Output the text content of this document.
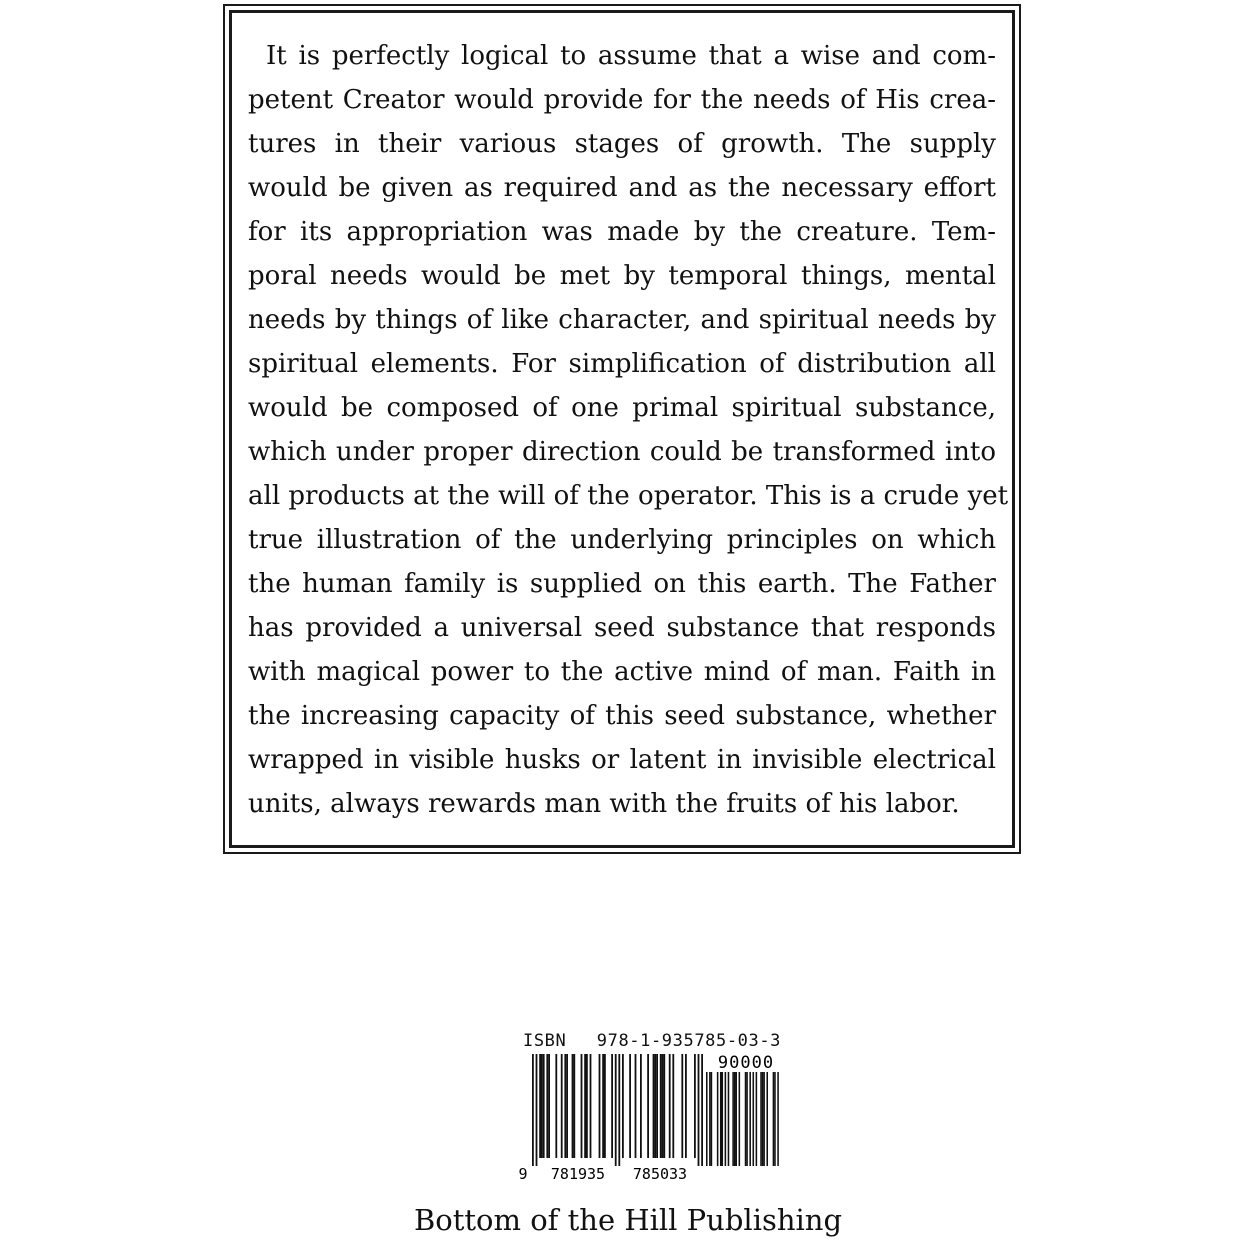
It is perfectly logical to assume that a wise and com-
petent Creator would provide for the needs of His crea-
tures in their various stages of growth. The supply
would be given as required and as the necessary effort
for its appropriation was made by the creature. Tem-
poral needs would be met by temporal things, mental
needs by things of like character, and spiritual needs by
spiritual elements. For simplification of distribution all
would be composed of one primal spiritual substance,
which under proper direction could be transformed into
all products at the will of the operator. This is a crude yet
true illustration of the underlying principles on which
the human family is supplied on this earth. The Father
has provided a universal seed substance that responds
with magical power to the active mind of man. Faith in
the increasing capacity of this seed substance, whether
wrapped in visible husks or latent in invisible electrical
units, always rewards man with the fruits of his labor.
ISBN 978-1-935785-03-3
9 781935 785033
90000
Bottom of the Hill Publishing
